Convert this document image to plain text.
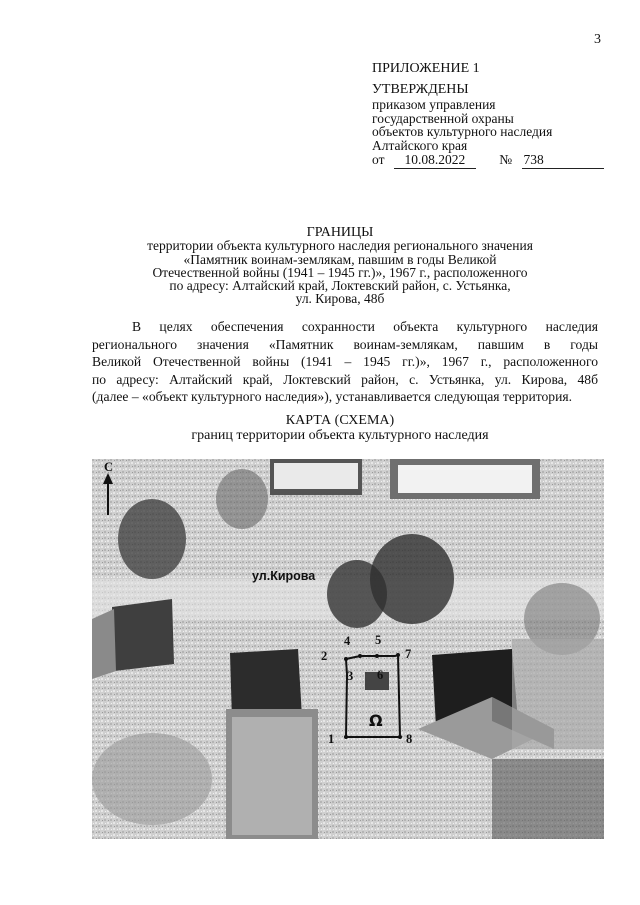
3
ПРИЛОЖЕНИЕ 1
УТВЕРЖДЕНЫ
приказом управления
государственной охраны
объектов культурного наследия
Алтайского края
от 10.08.2022	№ 738
ГРАНИЦЫ
территории объекта культурного наследия регионального значения
«Памятник воинам-землякам, павшим в годы Великой
Отечественной войны (1941 – 1945 гг.)», 1967 г., расположенного
по адресу: Алтайский край, Локтевский район, с. Устьянка,
ул. Кирова, 48б
В целях обеспечения сохранности объекта культурного наследия
регионального значения «Памятник воинам-землякам, павшим в годы
Великой Отечественной войны (1941 – 1945 гг.)», 1967 г., расположенного
по адресу: Алтайский край, Локтевский район, с. Устьянка, ул. Кирова, 48б
(далее – «объект культурного наследия»), устанавливается следующая территория.
КАРТА (СХЕМА)
границ территории объекта культурного наследия
С
ул.Кирова
Ω
1
2
3
4 5
6
7
8
